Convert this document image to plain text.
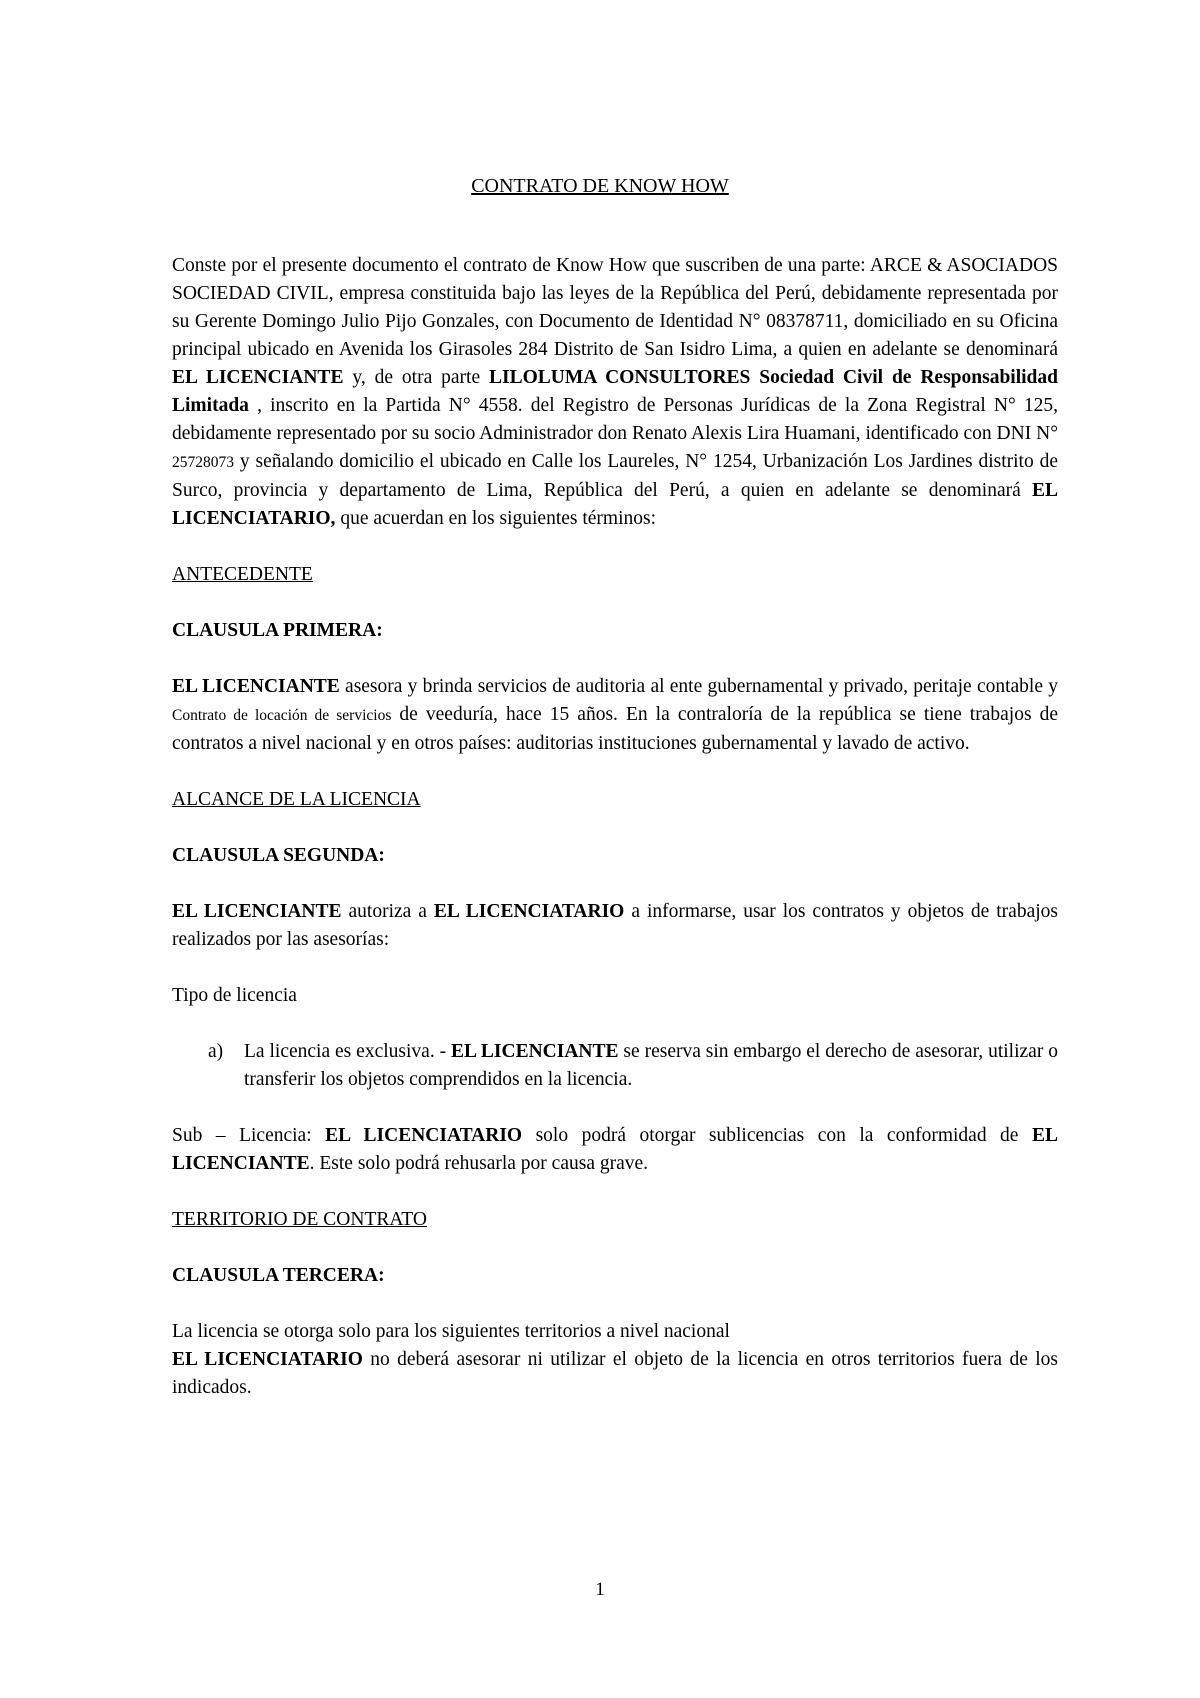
CONTRATO DE KNOW HOW

Conste por el presente documento el contrato de Know How que suscriben de una parte: ARCE & ASOCIADOS SOCIEDAD CIVIL, empresa constituida bajo las leyes de la República del Perú, debidamente representada por su Gerente Domingo Julio Pijo Gonzales, con Documento de Identidad N° 08378711, domiciliado en su Oficina principal ubicado en Avenida los Girasoles 284 Distrito de San Isidro Lima, a quien en adelante se denominará EL LICENCIANTE y, de otra parte LILOLUMA CONSULTORES Sociedad Civil de Responsabilidad Limitada , inscrito en la Partida N° 4558. del Registro de Personas Jurídicas de la Zona Registral N° 125, debidamente representado por su socio Administrador don Renato Alexis Lira Huamani, identificado con DNI N° 25728073 y señalando domicilio el ubicado en Calle los Laureles, N° 1254, Urbanización Los Jardines distrito de Surco, provincia y departamento de Lima, República del Perú, a quien en adelante se denominará EL LICENCIATARIO, que acuerdan en los siguientes términos:

ANTECEDENTE

CLAUSULA PRIMERA:

EL LICENCIANTE asesora y brinda servicios de auditoria al ente gubernamental y privado, peritaje contable y Contrato de locación de servicios de veeduría, hace 15 años. En la contraloría de la república se tiene trabajos de contratos a nivel nacional y en otros países: auditorias instituciones gubernamental y lavado de activo.

ALCANCE DE LA LICENCIA

CLAUSULA SEGUNDA:

EL LICENCIANTE autoriza a EL LICENCIATARIO a informarse, usar los contratos y objetos de trabajos realizados por las asesorías:

Tipo de licencia

a)	La licencia es exclusiva. - EL LICENCIANTE se reserva sin embargo el derecho de asesorar, utilizar o transferir los objetos comprendidos en la licencia.

Sub – Licencia: EL LICENCIATARIO solo podrá otorgar sublicencias con la conformidad de EL LICENCIANTE. Este solo podrá rehusarla por causa grave.

TERRITORIO DE CONTRATO

CLAUSULA TERCERA:

La licencia se otorga solo para los siguientes territorios a nivel nacional

EL LICENCIATARIO no deberá asesorar ni utilizar el objeto de la licencia en otros territorios fuera de los indicados.

1
